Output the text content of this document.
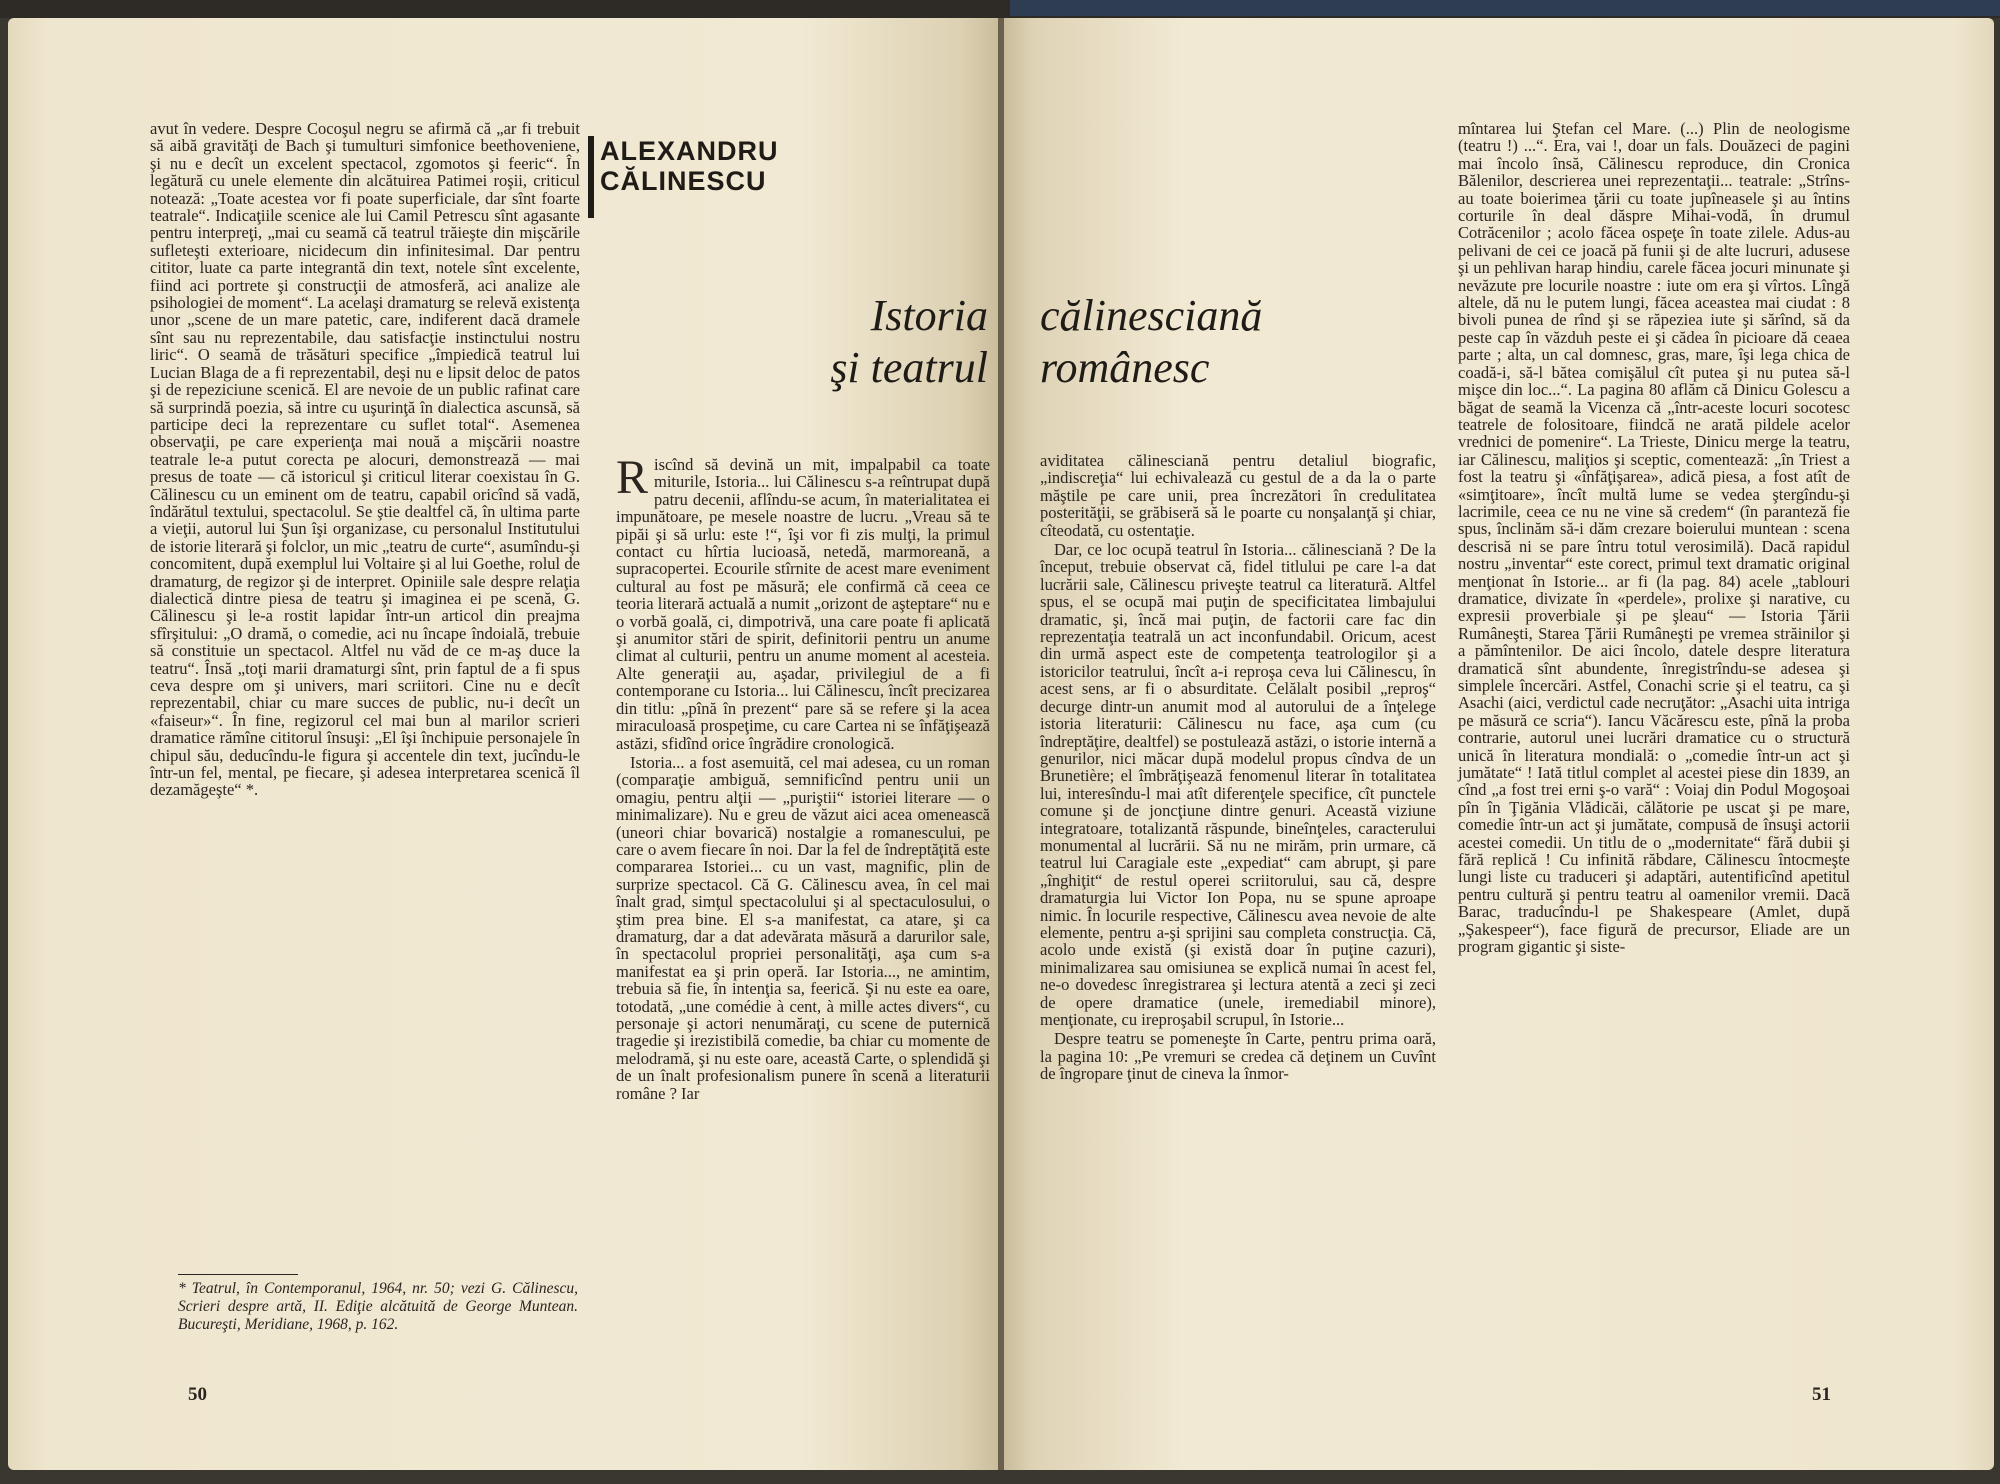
avut în vedere. Despre Cocoşul negru se afirmă că „ar fi trebuit să aibă gravităţi de Bach şi tumulturi simfonice beethoveniene, şi nu e decît un excelent spectacol, zgomotos şi feeric“. În legătură cu unele elemente din alcătuirea Patimei roşii, criticul notează: „Toate acestea vor fi poate superficiale, dar sînt foarte teatrale“. Indicaţiile scenice ale lui Camil Petrescu sînt agasante pentru interpreţi, „mai cu seamă că teatrul trăieşte din mişcările sufleteşti exterioare, nicidecum din infinitesimal. Dar pentru cititor, luate ca parte integrantă din text, notele sînt excelente, fiind aci portrete şi construcţii de atmosferă, aci analize ale psihologiei de moment“. La acelaşi dramaturg se relevă existenţa unor „scene de un mare patetic, care, indiferent dacă dramele sînt sau nu reprezentabile, dau satisfacţie instinctului nostru liric“. O seamă de trăsături specifice „împiedică teatrul lui Lucian Blaga de a fi reprezentabil, deşi nu e lipsit deloc de patos şi de repeziciune scenică. El are nevoie de un public rafinat care să surprindă poezia, să intre cu uşurinţă în dialectica ascunsă, să participe deci la reprezentare cu suflet total“. Asemenea observaţii, pe care experienţa mai nouă a mişcării noastre teatrale le-a putut corecta pe alocuri, demonstrează — mai presus de toate — că istoricul şi criticul literar coexistau în G. Călinescu cu un eminent om de teatru, capabil oricînd să vadă, îndărătul textului, spectacolul. Se ştie dealtfel că, în ultima parte a vieţii, autorul lui Şun îşi organizase, cu personalul Institutului de istorie literară şi folclor, un mic „teatru de curte“, asumîndu-şi concomitent, după exemplul lui Voltaire şi al lui Goethe, rolul de dramaturg, de regizor şi de interpret. Opiniile sale despre relaţia dialectică dintre piesa de teatru şi imaginea ei pe scenă, G. Călinescu şi le-a rostit lapidar într-un articol din preajma sfîrşitului: „O dramă, o comedie, aci nu încape îndoială, trebuie să constituie un spectacol. Altfel nu văd de ce m-aş duce la teatru“. Însă „toţi marii dramaturgi sînt, prin faptul de a fi spus ceva despre om şi univers, mari scriitori. Cine nu e decît reprezentabil, chiar cu mare succes de public, nu-i decît un «faiseur»“. În fine, regizorul cel mai bun al marilor scrieri dramatice rămîne cititorul însuşi: „El îşi închipuie personajele în chipul său, deducîndu-le figura şi accentele din text, jucîndu-le într-un fel, mental, pe fiecare, şi adesea interpretarea scenică îl dezamăgeşte“ *.

* Teatrul, în Contemporanul, 1964, nr. 50; vezi G. Călinescu, Scrieri despre artă, II. Ediţie alcătuită de George Muntean. Bucureşti, Meridiane, 1968, p. 162.
ALEXANDRU
CĂLINESCU
Istoria
şi teatrul

Riscînd să devină un mit, impalpabil ca toate miturile, Istoria... lui Călinescu s-a reîntrupat după patru decenii, aflîndu-se acum, în materialitatea ei impunătoare, pe mesele noastre de lucru. „Vreau să te pipăi şi să urlu: este !“, îşi vor fi zis mulţi, la primul contact cu hîrtia lucioasă, netedă, marmoreană, a supracopertei. Ecourile stîrnite de acest mare eveniment cultural au fost pe măsură; ele confirmă că ceea ce teoria literară actuală a numit „orizont de aşteptare“ nu e o vorbă goală, ci, dimpotrivă, una care poate fi aplicată şi anumitor stări de spirit, definitorii pentru un anume climat al culturii, pentru un anume moment al acesteia. Alte generaţii au, aşadar, privilegiul de a fi contemporane cu Istoria... lui Călinescu, încît precizarea din titlu: „pînă în prezent“ pare să se refere şi la acea miraculoasă prospeţime, cu care Cartea ni se înfăţişează astăzi, sfidînd orice îngrădire cronologică.

Istoria... a fost asemuită, cel mai adesea, cu un roman (comparaţie ambiguă, semnificînd pentru unii un omagiu, pentru alţii — „puriştii“ istoriei literare — o minimalizare). Nu e greu de văzut aici acea omenească (uneori chiar bovarică) nostalgie a romanescului, pe care o avem fiecare în noi. Dar la fel de îndreptăţită este compararea Istoriei... cu un vast, magnific, plin de surprize spectacol. Că G. Călinescu avea, în cel mai înalt grad, simţul spectacolului şi al spectaculosului, o ştim prea bine. El s-a manifestat, ca atare, şi ca dramaturg, dar a dat adevărata măsură a darurilor sale, în spectacolul propriei personalităţi, aşa cum s-a manifestat ea şi prin operă. Iar Istoria..., ne amintim, trebuia să fie, în intenţia sa, feerică. Şi nu este ea oare, totodată, „une comédie à cent, à mille actes divers“, cu personaje şi actori nenumăraţi, cu scene de puternică tragedie şi irezistibilă comedie, ba chiar cu momente de melodramă, şi nu este oare, această Carte, o splendidă şi de un înalt profesionalism punere în scenă a literaturii române ? Iar

50
călinesciană
românesc

aviditatea călinesciană pentru detaliul biografic, „indiscreţia“ lui echivalează cu gestul de a da la o parte măştile pe care unii, prea încrezători în credulitatea posterităţii, se grăbiseră să le poarte cu nonşalanţă şi chiar, cîteodată, cu ostentaţie.

Dar, ce loc ocupă teatrul în Istoria... călinesciană ? De la început, trebuie observat că, fidel titlului pe care l-a dat lucrării sale, Călinescu priveşte teatrul ca literatură. Altfel spus, el se ocupă mai puţin de specificitatea limbajului dramatic, şi, încă mai puţin, de factorii care fac din reprezentaţia teatrală un act inconfundabil. Oricum, acest din urmă aspect este de competenţa teatrologilor şi a istoricilor teatrului, încît a-i reproşa ceva lui Călinescu, în acest sens, ar fi o absurditate. Celălalt posibil „reproş“ decurge dintr-un anumit mod al autorului de a înţelege istoria literaturii: Călinescu nu face, aşa cum (cu îndreptăţire, dealtfel) se postulează astăzi, o istorie internă a genurilor, nici măcar după modelul propus cîndva de un Brunetière; el îmbrăţişează fenomenul literar în totalitatea lui, interesîndu-l mai atît diferenţele specifice, cît punctele comune şi de joncţiune dintre genuri. Această viziune integratoare, totalizantă răspunde, bineînţeles, caracterului monumental al lucrării. Să nu ne mirăm, prin urmare, că teatrul lui Caragiale este „expediat“ cam abrupt, şi pare „înghiţit“ de restul operei scriitorului, sau că, despre dramaturgia lui Victor Ion Popa, nu se spune aproape nimic. În locurile respective, Călinescu avea nevoie de alte elemente, pentru a-şi sprijini sau completa construcţia. Că, acolo unde există (şi există doar în puţine cazuri), minimalizarea sau omisiunea se explică numai în acest fel, ne-o dovedesc înregistrarea şi lectura atentă a zeci şi zeci de opere dramatice (unele, iremediabil minore), menţionate, cu ireproşabil scrupul, în Istorie...

Despre teatru se pomeneşte în Carte, pentru prima oară, la pagina 10: „Pe vremuri se credea că deţinem un Cuvînt de îngropare ţinut de cineva la înmor-

mîntarea lui Ştefan cel Mare. (...) Plin de neologisme (teatru !) ...“. Era, vai !, doar un fals. Douăzeci de pagini mai încolo însă, Călinescu reproduce, din Cronica Bălenilor, descrierea unei reprezentaţii... teatrale: „Strîns-au toate boierimea ţării cu toate jupîneasele şi au întins corturile în deal dăspre Mihai-vodă, în drumul Cotrăcenilor ; acolo făcea ospeţe în toate zilele. Adus-au pelivani de cei ce joacă pă funii şi de alte lucruri, adusese şi un pehlivan harap hindiu, carele făcea jocuri minunate şi nevăzute pre locurile noastre : iute om era şi vîrtos. Lîngă altele, dă nu le putem lungi, făcea aceastea mai ciudat : 8 bivoli punea de rînd şi se răpeziea iute şi sărînd, să da peste cap în văzduh peste ei şi cădea în picioare dă ceaea parte ; alta, un cal domnesc, gras, mare, îşi lega chica de coadă-i, să-l bătea comişălul cît putea şi nu putea să-l mişce din loc...“. La pagina 80 aflăm că Dinicu Golescu a băgat de seamă la Vicenza că „într-aceste locuri socotesc teatrele de folositoare, fiindcă ne arată pildele acelor vrednici de pomenire“. La Trieste, Dinicu merge la teatru, iar Călinescu, maliţios şi sceptic, comentează: „în Triest a fost la teatru şi «înfăţişarea», adică piesa, a fost atît de «simţitoare», încît multă lume se vedea ştergîndu-şi lacrimile, ceea ce nu ne vine să credem“ (în paranteză fie spus, înclinăm să-i dăm crezare boierului muntean : scena descrisă ni se pare întru totul verosimilă). Dacă rapidul nostru „inventar“ este corect, primul text dramatic original menţionat în Istorie... ar fi (la pag. 84) acele „tablouri dramatice, divizate în «perdele», prolixe şi narative, cu expresii proverbiale şi pe şleau“ — Istoria Ţării Rumâneşti, Starea Ţării Rumâneşti pe vremea străinilor şi a pămîntenilor. De aici încolo, datele despre literatura dramatică sînt abundente, înregistrîndu-se adesea şi simplele încercări. Astfel, Conachi scrie şi el teatru, ca şi Asachi (aici, verdictul cade necruţător: „Asachi uita intriga pe măsură ce scria“). Iancu Văcărescu este, pînă la proba contrarie, autorul unei lucrări dramatice cu o structură unică în literatura mondială: o „comedie într-un act şi jumătate“ ! Iată titlul complet al acestei piese din 1839, an cînd „a fost trei erni ş-o vară“ : Voiaj din Podul Mogoşoai pîn în Ţigănia Vlădicăi, călătorie pe uscat şi pe mare, comedie într-un act şi jumătate, compusă de însuşi actorii acestei comedii. Un titlu de o „modernitate“ fără dubii şi fără replică ! Cu infinită răbdare, Călinescu întocmeşte lungi liste cu traduceri şi adaptări, autentificînd apetitul pentru cultură şi pentru teatru al oamenilor vremii. Dacă Barac, traducîndu-l pe Shakespeare (Amlet, după „Şakespeer“), face figură de precursor, Eliade are un program gigantic şi siste-

51
